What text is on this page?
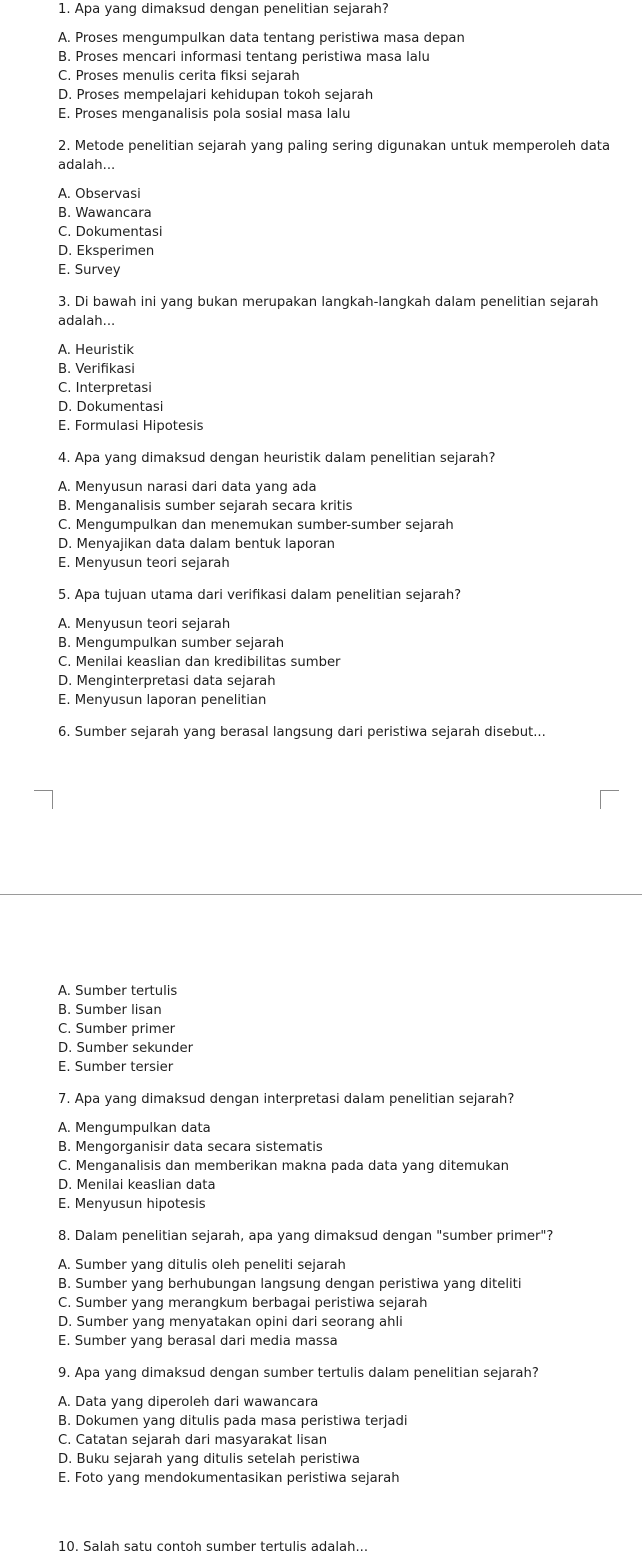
1. Apa yang dimaksud dengan penelitian sejarah?
A. Proses mengumpulkan data tentang peristiwa masa depan
B. Proses mencari informasi tentang peristiwa masa lalu
C. Proses menulis cerita fiksi sejarah
D. Proses mempelajari kehidupan tokoh sejarah
E. Proses menganalisis pola sosial masa lalu
2. Metode penelitian sejarah yang paling sering digunakan untuk memperoleh data adalah...
A. Observasi
B. Wawancara
C. Dokumentasi
D. Eksperimen
E. Survey
3. Di bawah ini yang bukan merupakan langkah-langkah dalam penelitian sejarah adalah...
A. Heuristik
B. Verifikasi
C. Interpretasi
D. Dokumentasi
E. Formulasi Hipotesis
4. Apa yang dimaksud dengan heuristik dalam penelitian sejarah?
A. Menyusun narasi dari data yang ada
B. Menganalisis sumber sejarah secara kritis
C. Mengumpulkan dan menemukan sumber-sumber sejarah
D. Menyajikan data dalam bentuk laporan
E. Menyusun teori sejarah
5. Apa tujuan utama dari verifikasi dalam penelitian sejarah?
A. Menyusun teori sejarah
B. Mengumpulkan sumber sejarah
C. Menilai keaslian dan kredibilitas sumber
D. Menginterpretasi data sejarah
E. Menyusun laporan penelitian
6. Sumber sejarah yang berasal langsung dari peristiwa sejarah disebut...
A. Sumber tertulis
B. Sumber lisan
C. Sumber primer
D. Sumber sekunder
E. Sumber tersier
7. Apa yang dimaksud dengan interpretasi dalam penelitian sejarah?
A. Mengumpulkan data
B. Mengorganisir data secara sistematis
C. Menganalisis dan memberikan makna pada data yang ditemukan
D. Menilai keaslian data
E. Menyusun hipotesis
8. Dalam penelitian sejarah, apa yang dimaksud dengan "sumber primer"?
A. Sumber yang ditulis oleh peneliti sejarah
B. Sumber yang berhubungan langsung dengan peristiwa yang diteliti
C. Sumber yang merangkum berbagai peristiwa sejarah
D. Sumber yang menyatakan opini dari seorang ahli
E. Sumber yang berasal dari media massa
9. Apa yang dimaksud dengan sumber tertulis dalam penelitian sejarah?
A. Data yang diperoleh dari wawancara
B. Dokumen yang ditulis pada masa peristiwa terjadi
C. Catatan sejarah dari masyarakat lisan
D. Buku sejarah yang ditulis setelah peristiwa
E. Foto yang mendokumentasikan peristiwa sejarah
10. Salah satu contoh sumber tertulis adalah...
